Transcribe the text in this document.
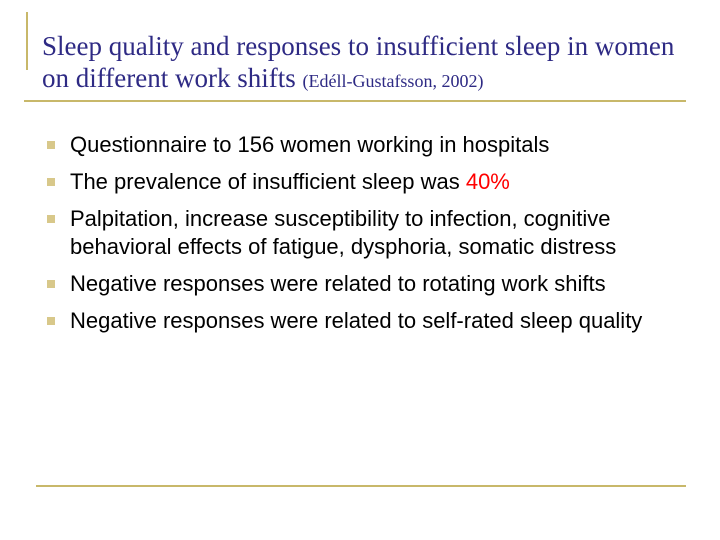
Sleep quality and responses to insufficient sleep in women on different work shifts (Edéll-Gustafsson, 2002)
Questionnaire to 156 women working in hospitals
The prevalence of insufficient sleep was 40%
Palpitation, increase susceptibility to infection, cognitive behavioral effects of fatigue, dysphoria, somatic distress
Negative responses were related to rotating work shifts
Negative responses were related to self-rated sleep quality
